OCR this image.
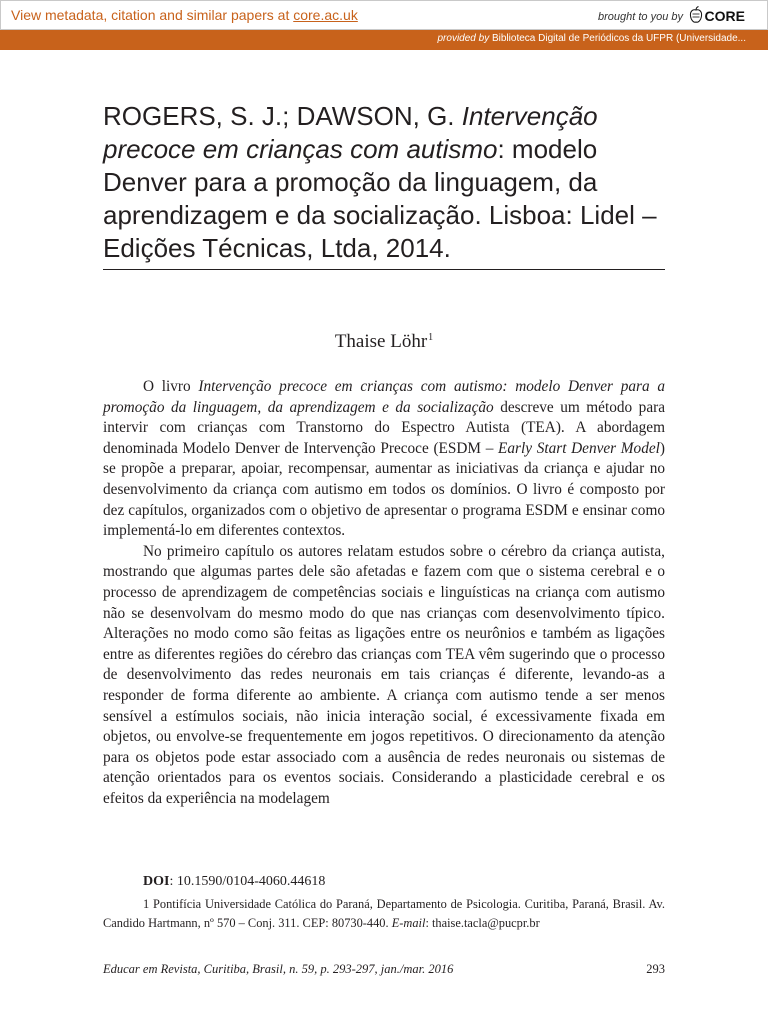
View metadata, citation and similar papers at core.ac.uk	brought to you by CORE
provided by Biblioteca Digital de Periódicos da UFPR (Universidade...
ROGERS, S. J.; DAWSON, G. Intervenção precoce em crianças com autismo: modelo Denver para a promoção da linguagem, da aprendizagem e da socialização. Lisboa: Lidel – Edições Técnicas, Ltda, 2014.
Thaise Löhr$^1$

O livro Intervenção precoce em crianças com autismo: modelo Denver para a promoção da linguagem, da aprendizagem e da socialização descreve um método para intervir com crianças com Transtorno do Espectro Autista (TEA). A abordagem denominada Modelo Denver de Intervenção Precoce (ESDM – Early Start Denver Model) se propõe a preparar, apoiar, recompensar, aumentar as iniciativas da criança e ajudar no desenvolvimento da criança com autismo em todos os domínios. O livro é composto por dez capítulos, organizados com o objetivo de apresentar o programa ESDM e ensinar como implementá-lo em diferentes contextos.

No primeiro capítulo os autores relatam estudos sobre o cérebro da criança autista, mostrando que algumas partes dele são afetadas e fazem com que o sistema cerebral e o processo de aprendizagem de competências sociais e linguísticas na criança com autismo não se desenvolvam do mesmo modo do que nas crianças com desenvolvimento típico. Alterações no modo como são feitas as ligações entre os neurônios e também as ligações entre as diferentes regiões do cérebro das crianças com TEA vêm sugerindo que o processo de desenvolvimento das redes neuronais em tais crianças é diferente, levando-as a responder de forma diferente ao ambiente. A criança com autismo tende a ser menos sensível a estímulos sociais, não inicia interação social, é excessivamente fixada em objetos, ou envolve-se frequentemente em jogos repetitivos. O direcionamento da atenção para os objetos pode estar associado com a ausência de redes neuronais ou sistemas de atenção orientados para os eventos sociais. Considerando a plasticidade cerebral e os efeitos da experiência na modelagem

DOI: 10.1590/0104-4060.44618
1 Pontifícia Universidade Católica do Paraná, Departamento de Psicologia. Curitiba, Paraná, Brasil. Av. Candido Hartmann, nº 570 – Conj. 311. CEP: 80730-440. E-mail: thaise.tacla@pucpr.br
Educar em Revista, Curitiba, Brasil, n. 59, p. 293-297, jan./mar. 2016	293
